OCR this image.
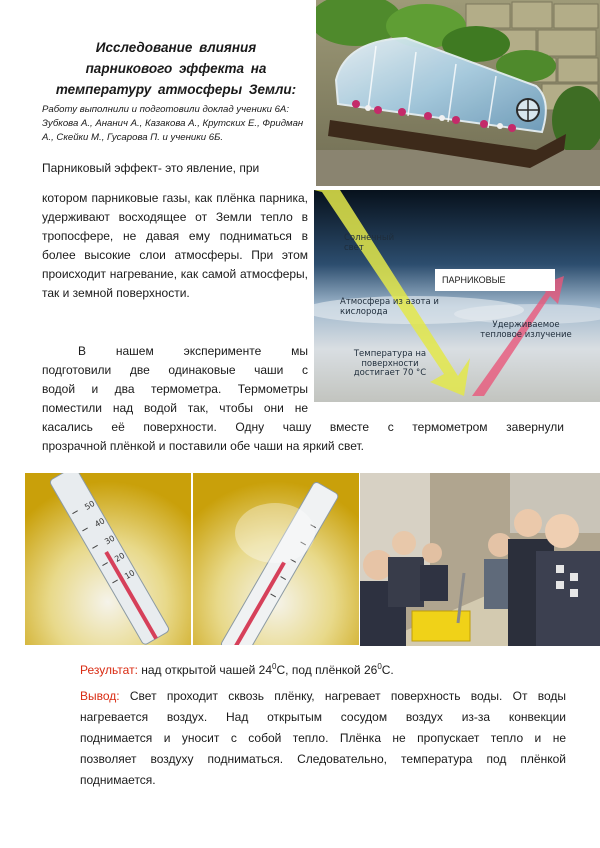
Исследование влияния
парникового эффекта на
температуру атмосферы Земли:
Работу выполнили и подготовили доклад ученики 6А: Зубкова А., Ананич А., Казакова А., Крутских Е., Фридман А., Скейки М., Гусарова П. и ученики 6Б.
Парниковый эффект- это явление, при
котором парниковые газы, как плёнка парника, удерживают восходящее от Земли тепло в тропосфере, не давая ему подниматься в более высокие слои атмосферы. При этом происходит нагревание, как самой атмосферы, так и земной поверхности.
В нашем эксперименте мы
подготовили две одинаковые чаши с
водой и два термометра. Термометры
поместили над водой так, чтобы они не
касались её поверхности. Одну чашу вместе с термометром завернули
прозрачной плёнкой и поставили обе чаши на яркий свет.
Солнечный свет
ПАРНИКОВЫЕ
Атмосфера из азота и кислорода
Удерживаемое тепловое излучение
Температура на поверхности достигает 70 °С
50
40
30
20
10
Результат: над открытой чашей $24^0С$, под плёнкой $26^0С$.
Вывод: Свет проходит сквозь плёнку, нагревает поверхность воды. От воды
нагревается воздух. Над открытым сосудом воздух из-за конвекции
поднимается и уносит с собой тепло. Плёнка не пропускает тепло и не
позволяет воздуху подниматься. Следовательно, температура под плёнкой
поднимается.
